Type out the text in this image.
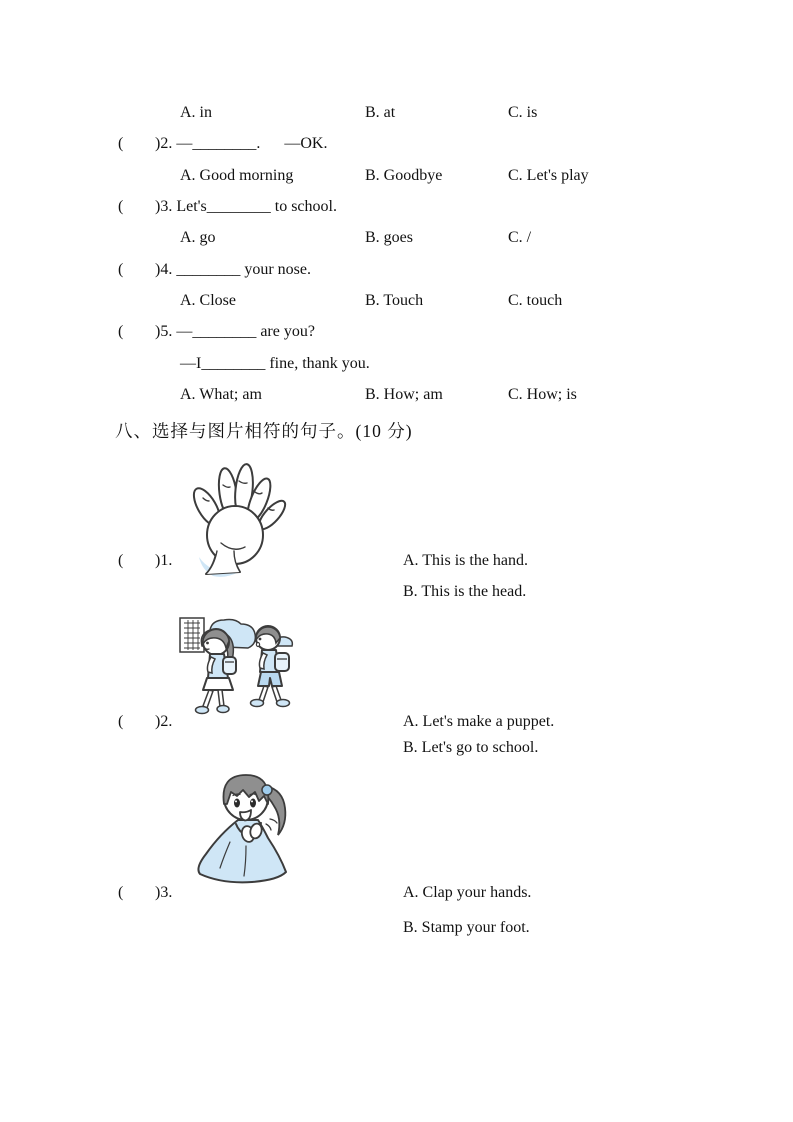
A. in	B. at	C. is
( )2. —________.      —OK.
A. Good morning	B. Goodbye	C. Let's play
( )3. Let's________ to school.
A. go	B. goes	C. /
( )4. ________ your nose.
A. Close	B. Touch	C. touch
( )5. —________ are you?
—I________ fine, thank you.
A. What; am	B. How; am	C. How; is
八、选择与图片相符的句子。(10 分)
( )1.	A. This is the hand.
B. This is the head.
( )2.	A. Let's make a puppet.
B. Let's go to school.
( )3.	A. Clap your hands.
B. Stamp your foot.
